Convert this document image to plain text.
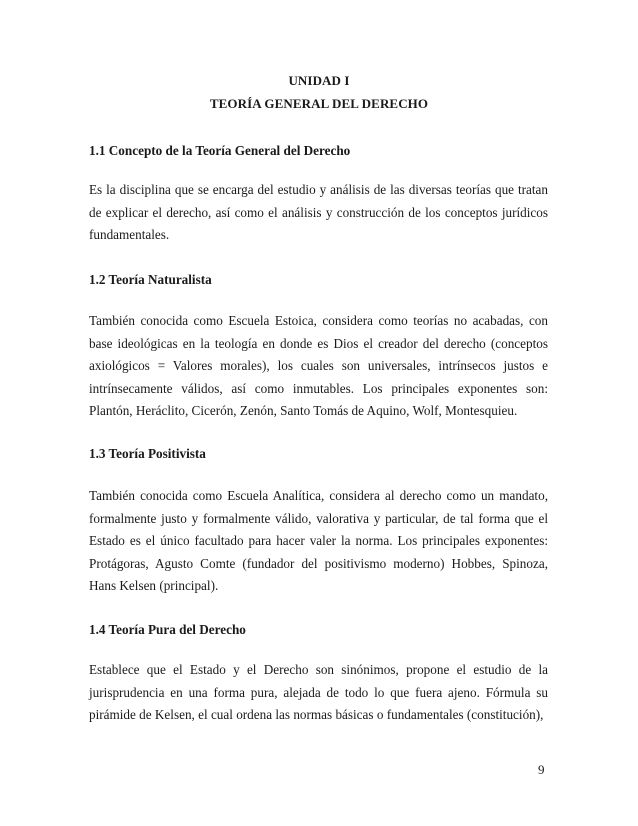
UNIDAD I
TEORÍA GENERAL DEL DERECHO
1.1 Concepto de la Teoría General del Derecho

Es la disciplina que se encarga del estudio y análisis de las diversas teorías que tratan de explicar el derecho, así como el análisis y construcción de los conceptos jurídicos fundamentales.

1.2 Teoría Naturalista

También conocida como Escuela Estoica, considera como teorías no acabadas, con base ideológicas en la teología en donde es Dios el creador del derecho (conceptos axiológicos = Valores morales), los cuales son universales, intrínsecos justos e intrínsecamente válidos, así como inmutables. Los principales exponentes son: Plantón, Heráclito, Cicerón, Zenón, Santo Tomás de Aquino, Wolf, Montesquieu.

1.3 Teoría Positivista

También conocida como Escuela Analítica, considera al derecho como un mandato, formalmente justo y formalmente válido, valorativa y particular, de tal forma que el Estado es el único facultado para hacer valer la norma. Los principales exponentes: Protágoras, Agusto Comte (fundador del positivismo moderno) Hobbes, Spinoza, Hans Kelsen (principal).

1.4 Teoría Pura del Derecho

Establece que el Estado y el Derecho son sinónimos, propone el estudio de la jurisprudencia en una forma pura, alejada de todo lo que fuera ajeno. Fórmula su pirámide de Kelsen, el cual ordena las normas básicas o fundamentales (constitución),

9
